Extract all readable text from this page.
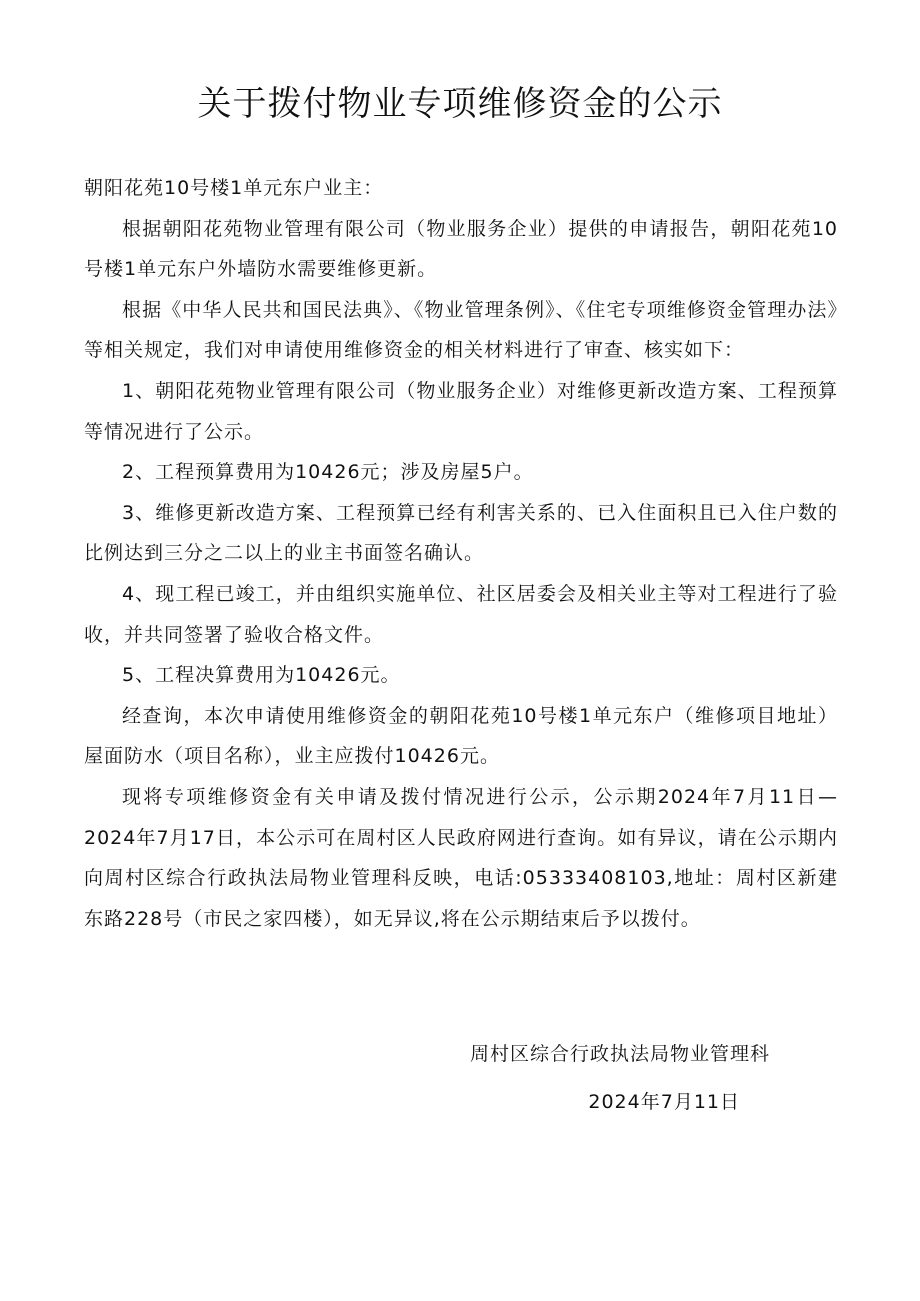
关于拨付物业专项维修资金的公示

朝阳花苑10号楼1单元东户业主：

根据朝阳花苑物业管理有限公司（物业服务企业）提供的申请报告，朝阳花苑10号楼1单元东户外墙防水需要维修更新。

根据《中华人民共和国民法典》、《物业管理条例》、《住宅专项维修资金管理办法》等相关规定，我们对申请使用维修资金的相关材料进行了审查、核实如下：

1、朝阳花苑物业管理有限公司（物业服务企业）对维修更新改造方案、工程预算等情况进行了公示。

2、工程预算费用为10426元；涉及房屋5户。

3、维修更新改造方案、工程预算已经有利害关系的、已入住面积且已入住户数的比例达到三分之二以上的业主书面签名确认。

4、现工程已竣工，并由组织实施单位、社区居委会及相关业主等对工程进行了验收，并共同签署了验收合格文件。

5、工程决算费用为10426元。

经查询，本次申请使用维修资金的朝阳花苑10号楼1单元东户（维修项目地址）屋面防水（项目名称），业主应拨付10426元。

现将专项维修资金有关申请及拨付情况进行公示，公示期2024年7月11日—2024年7月17日，本公示可在周村区人民政府网进行查询。如有异议，请在公示期内向周村区综合行政执法局物业管理科反映，电话:05333408103,地址：周村区新建东路228号（市民之家四楼），如无异议,将在公示期结束后予以拨付。

周村区综合行政执法局物业管理科
2024年7月11日
